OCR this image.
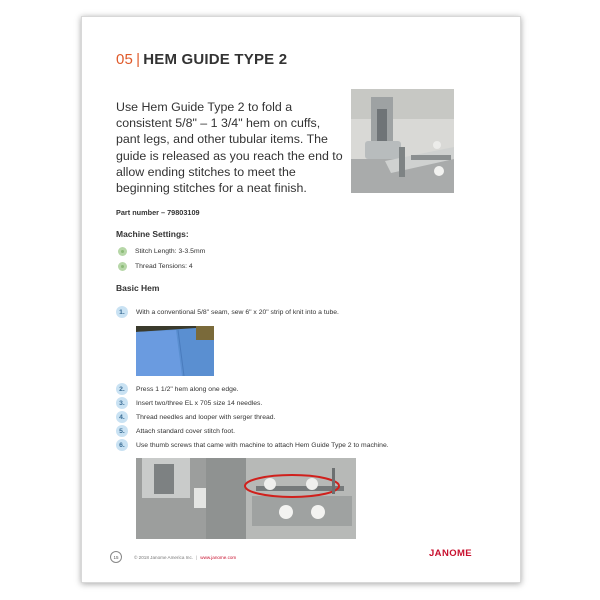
05 | HEM GUIDE TYPE 2
Use Hem Guide Type 2 to fold a consistent 5/8" – 1 3/4" hem on cuffs, pant legs, and other tubular items. The guide is released as you reach the end to allow ending stitches to meet the beginning stitches for a neat finish.
Part number – 79803109
Machine Settings:
Stitch Length: 3-3.5mm
Thread Tensions: 4
Basic Hem
1.	With a conventional 5/8" seam, sew 6" x 20" strip of knit into a tube.
2.	Press 1 1/2" hem along one edge.
3.	Insert two/three EL x 705 size 14 needles.
4.	Thread needles and looper with serger thread.
5.	Attach standard cover stitch foot.
6.	Use thumb screws that came with machine to attach Hem Guide Type 2 to machine.
15	© 2018 Janome America Inc. | www.janome.com	JANOME
